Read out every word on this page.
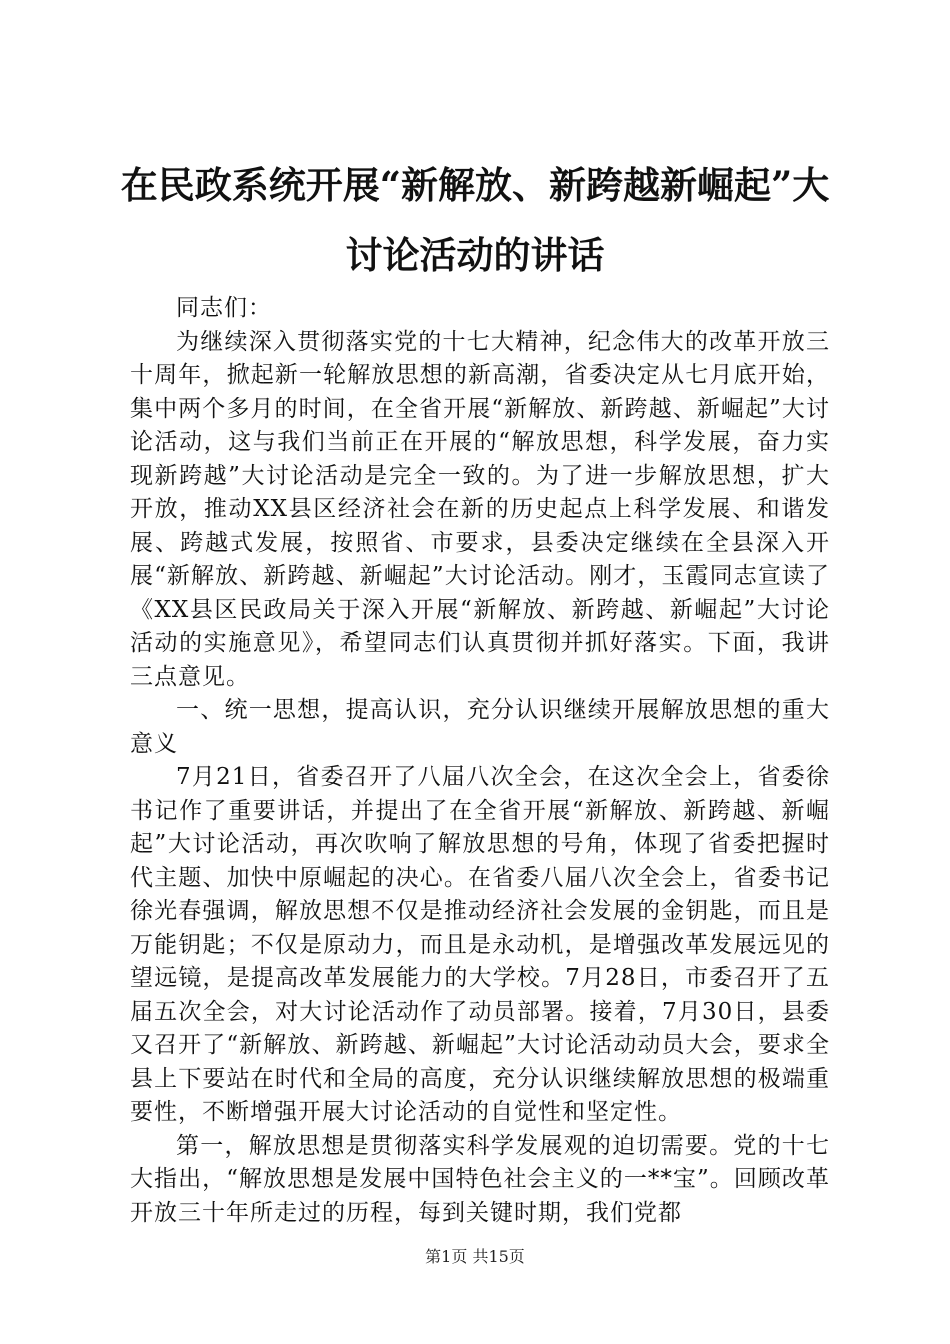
在民政系统开展“新解放、新跨越新崛起”大讨论活动的讲话

同志们：

为继续深入贯彻落实党的十七大精神，纪念伟大的改革开放三十周年，掀起新一轮解放思想的新高潮，省委决定从七月底开始，集中两个多月的时间，在全省开展“新解放、新跨越、新崛起”大讨论活动，这与我们当前正在开展的“解放思想，科学发展，奋力实现新跨越”大讨论活动是完全一致的。为了进一步解放思想，扩大开放，推动XX县区经济社会在新的历史起点上科学发展、和谐发展、跨越式发展，按照省、市要求，县委决定继续在全县深入开展“新解放、新跨越、新崛起”大讨论活动。刚才，玉霞同志宣读了《XX县区民政局关于深入开展“新解放、新跨越、新崛起”大讨论活动的实施意见》，希望同志们认真贯彻并抓好落实。下面，我讲三点意见。

一、统一思想，提高认识，充分认识继续开展解放思想的重大意义

7月21日，省委召开了八届八次全会，在这次全会上，省委徐书记作了重要讲话，并提出了在全省开展“新解放、新跨越、新崛起”大讨论活动，再次吹响了解放思想的号角，体现了省委把握时代主题、加快中原崛起的决心。在省委八届八次全会上，省委书记徐光春强调，解放思想不仅是推动经济社会发展的金钥匙，而且是万能钥匙；不仅是原动力，而且是永动机，是增强改革发展远见的望远镜，是提高改革发展能力的大学校。7月28日，市委召开了五届五次全会，对大讨论活动作了动员部署。接着，7月30日，县委又召开了“新解放、新跨越、新崛起”大讨论活动动员大会，要求全县上下要站在时代和全局的高度，充分认识继续解放思想的极端重要性，不断增强开展大讨论活动的自觉性和坚定性。

第一，解放思想是贯彻落实科学发展观的迫切需要。党的十七大指出，“解放思想是发展中国特色社会主义的一**宝”。回顾改革开放三十年所走过的历程，每到关键时期，我们党都

第1页 共15页
